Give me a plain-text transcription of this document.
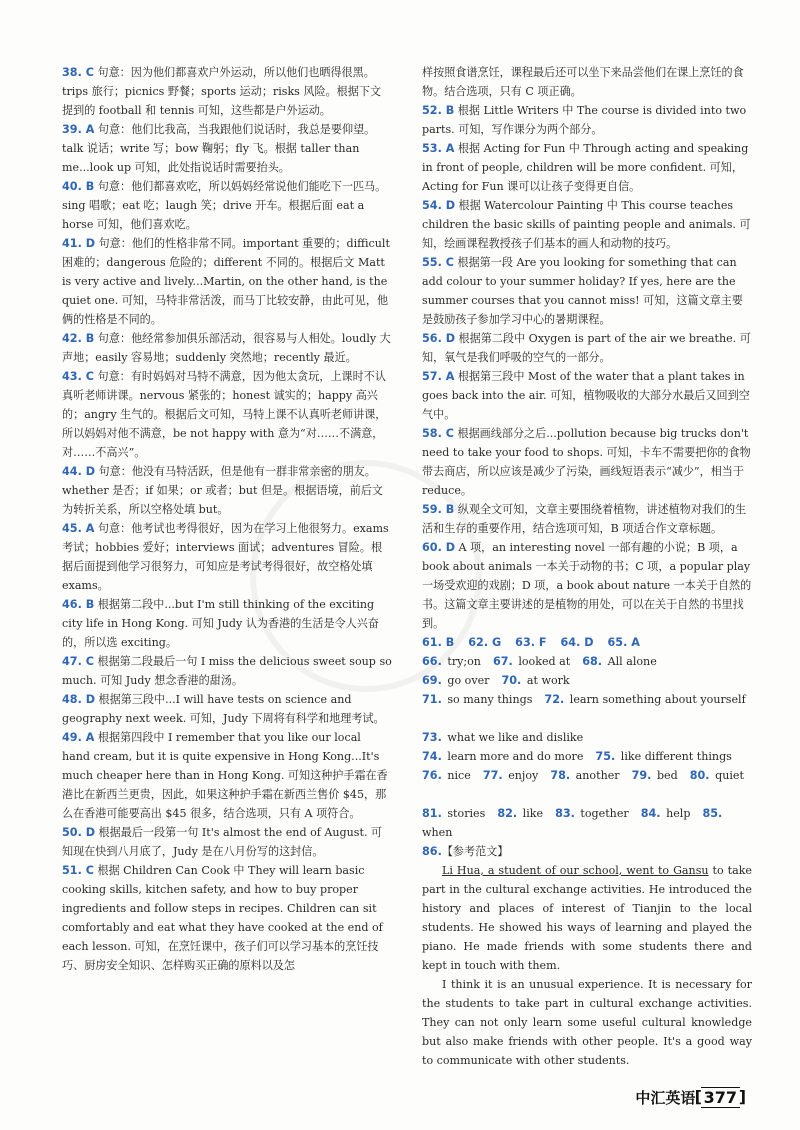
38. C 句意：因为他们都喜欢户外运动，所以他们也晒得很黑。trips 旅行；picnics 野餐；sports 运动；risks 风险。根据下文提到的 football 和 tennis 可知，这些都是户外运动。

39. A 句意：他们比我高，当我跟他们说话时，我总是要仰望。talk 说话；write 写；bow 鞠躬；fly 飞。根据 taller than me...look up 可知，此处指说话时需要抬头。

40. B 句意：他们都喜欢吃，所以妈妈经常说他们能吃下一匹马。sing 唱歌；eat 吃；laugh 笑；drive 开车。根据后面 eat a horse 可知，他们喜欢吃。

41. D 句意：他们的性格非常不同。important 重要的；difficult 困难的；dangerous 危险的；different 不同的。根据后文 Matt is very active and lively...Martin, on the other hand, is the quiet one. 可知，马特非常活泼，而马丁比较安静，由此可见，他俩的性格是不同的。

42. B 句意：他经常参加俱乐部活动，很容易与人相处。loudly 大声地；easily 容易地；suddenly 突然地；recently 最近。

43. C 句意：有时妈妈对马特不满意，因为他太贪玩，上课时不认真听老师讲课。nervous 紧张的；honest 诚实的；happy 高兴的；angry 生气的。根据后文可知，马特上课不认真听老师讲课，所以妈妈对他不满意，be not happy with 意为“对……不满意，对……不高兴”。

44. D 句意：他没有马特活跃，但是他有一群非常亲密的朋友。whether 是否；if 如果；or 或者；but 但是。根据语境，前后文为转折关系，所以空格处填 but。

45. A 句意：他考试也考得很好，因为在学习上他很努力。exams 考试；hobbies 爱好；interviews 面试；adventures 冒险。根据后面提到他学习很努力，可知应是考试考得很好，故空格处填 exams。

46. B 根据第二段中...but I'm still thinking of the exciting city life in Hong Kong. 可知 Judy 认为香港的生活是令人兴奋的，所以选 exciting。

47. C 根据第二段最后一句 I miss the delicious sweet soup so much. 可知 Judy 想念香港的甜汤。

48. D 根据第三段中...I will have tests on science and geography next week. 可知，Judy 下周将有科学和地理考试。

49. A 根据第四段中 I remember that you like our local hand cream, but it is quite expensive in Hong Kong...It's much cheaper here than in Hong Kong. 可知这种护手霜在香港比在新西兰更贵，因此，如果这种护手霜在新西兰售价 $45，那么在香港可能要高出 $45 很多，结合选项，只有 A 项符合。

50. D 根据最后一段第一句 It's almost the end of August. 可知现在快到八月底了，Judy 是在八月份写的这封信。

51. C 根据 Children Can Cook 中 They will learn basic cooking skills, kitchen safety, and how to buy proper ingredients and follow steps in recipes. Children can sit comfortably and eat what they have cooked at the end of each lesson. 可知，在烹饪课中，孩子们可以学习基本的烹饪技巧、厨房安全知识、怎样购买正确的原料以及怎

样按照食谱烹饪，课程最后还可以坐下来品尝他们在课上烹饪的食物。结合选项，只有 C 项正确。

52. B 根据 Little Writers 中 The course is divided into two parts. 可知，写作课分为两个部分。

53. A 根据 Acting for Fun 中 Through acting and speaking in front of people, children will be more confident. 可知，Acting for Fun 课可以让孩子变得更自信。

54. D 根据 Watercolour Painting 中 This course teaches children the basic skills of painting people and animals. 可知，绘画课程教授孩子们基本的画人和动物的技巧。

55. C 根据第一段 Are you looking for something that can add colour to your summer holiday? If yes, here are the summer courses that you cannot miss! 可知，这篇文章主要是鼓励孩子参加学习中心的暑期课程。

56. D 根据第二段中 Oxygen is part of the air we breathe. 可知，氧气是我们呼吸的空气的一部分。

57. A 根据第三段中 Most of the water that a plant takes in goes back into the air. 可知，植物吸收的大部分水最后又回到空气中。

58. C 根据画线部分之后...pollution because big trucks don't need to take your food to shops. 可知，卡车不需要把你的食物带去商店，所以应该是减少了污染，画线短语表示“减少”，相当于 reduce。

59. B 纵观全文可知，文章主要围绕着植物，讲述植物对我们的生活和生存的重要作用，结合选项可知，B 项适合作文章标题。

60. D A 项，an interesting novel 一部有趣的小说；B 项，a book about animals 一本关于动物的书；C 项，a popular play 一场受欢迎的戏剧；D 项，a book about nature 一本关于自然的书。这篇文章主要讲述的是植物的用处，可以在关于自然的书里找到。

61. B 62. G 63. F 64. D 65. A

66. try;on 67. looked at 68. All alone

69. go over 70. at work

71. so many things 72. learn something about yourself

73. what we like and dislike

74. learn more and do more 75. like different things

76. nice 77. enjoy 78. another 79. bed 80. quiet

81. stories 82. like 83. together 84. help 85. when

86.【参考范文】

Li Hua, a student of our school, went to Gansu to take part in the cultural exchange activities. He introduced the history and places of interest of Tianjin to the local students. He showed his ways of learning and played the piano. He made friends with some students there and kept in touch with them.

I think it is an unusual experience. It is necessary for the students to take part in cultural exchange activities. They can not only learn some useful cultural knowledge but also make friends with other people. It's a good way to communicate with other students.

中汇英语 [ 377 ]
